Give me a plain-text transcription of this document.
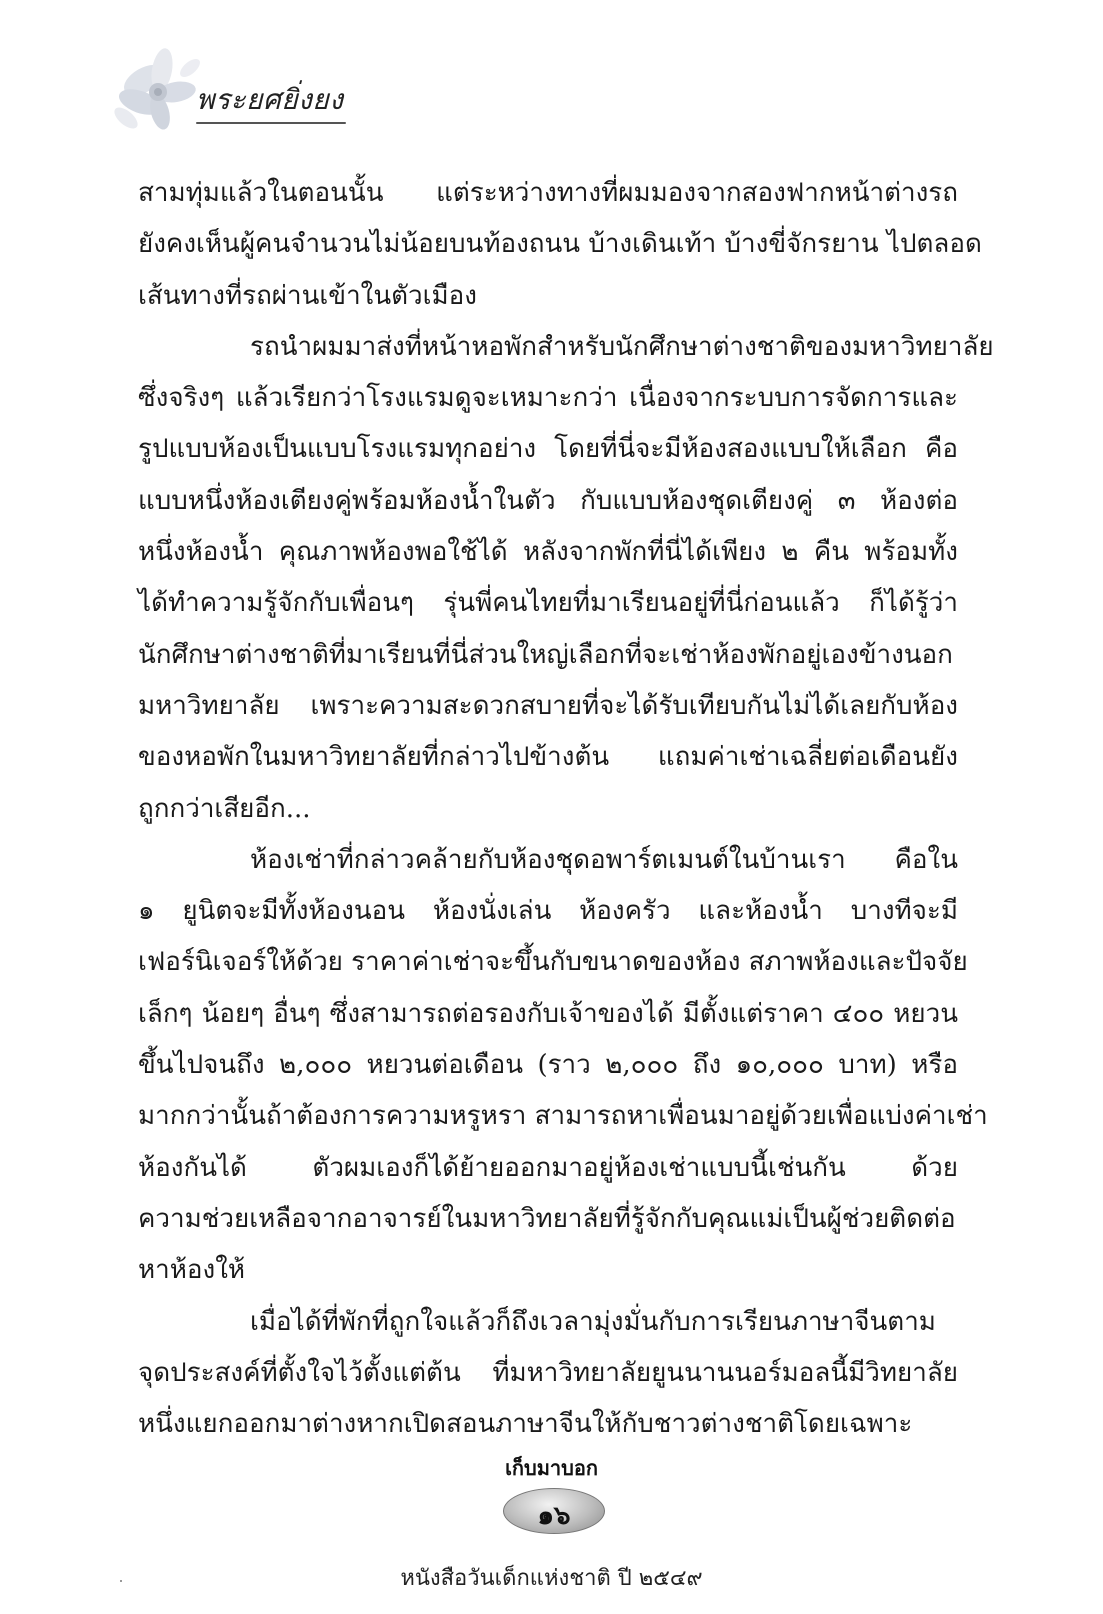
พระยศยิ่งยง
สามทุ่มแล้วในตอนนั้น แต่ระหว่างทางที่ผมมองจากสองฟากหน้าต่างรถ
ยังคงเห็นผู้คนจำนวนไม่น้อยบนท้องถนน บ้างเดินเท้า บ้างขี่จักรยาน ไปตลอด
เส้นทางที่รถผ่านเข้าในตัวเมือง
รถนำผมมาส่งที่หน้าหอพักสำหรับนักศึกษาต่างชาติของมหาวิทยาลัย
ซึ่งจริงๆ แล้วเรียกว่าโรงแรมดูจะเหมาะกว่า เนื่องจากระบบการจัดการและ
รูปแบบห้องเป็นแบบโรงแรมทุกอย่าง โดยที่นี่จะมีห้องสองแบบให้เลือก คือ
แบบหนึ่งห้องเตียงคู่พร้อมห้องน้ำในตัว กับแบบห้องชุดเตียงคู่ ๓ ห้องต่อ
หนึ่งห้องน้ำ คุณภาพห้องพอใช้ได้ หลังจากพักที่นี่ได้เพียง ๒ คืน พร้อมทั้ง
ได้ทำความรู้จักกับเพื่อนๆ รุ่นพี่คนไทยที่มาเรียนอยู่ที่นี่ก่อนแล้ว ก็ได้รู้ว่า
นักศึกษาต่างชาติที่มาเรียนที่นี่ส่วนใหญ่เลือกที่จะเช่าห้องพักอยู่เองข้างนอก
มหาวิทยาลัย เพราะความสะดวกสบายที่จะได้รับเทียบกันไม่ได้เลยกับห้อง
ของหอพักในมหาวิทยาลัยที่กล่าวไปข้างต้น แถมค่าเช่าเฉลี่ยต่อเดือนยัง
ถูกกว่าเสียอีก...
ห้องเช่าที่กล่าวคล้ายกับห้องชุดอพาร์ตเมนต์ในบ้านเรา คือใน
๑ ยูนิตจะมีทั้งห้องนอน ห้องนั่งเล่น ห้องครัว และห้องน้ำ บางทีจะมี
เฟอร์นิเจอร์ให้ด้วย ราคาค่าเช่าจะขึ้นกับขนาดของห้อง สภาพห้องและปัจจัย
เล็กๆ น้อยๆ อื่นๆ ซึ่งสามารถต่อรองกับเจ้าของได้ มีตั้งแต่ราคา ๔๐๐ หยวน
ขึ้นไปจนถึง ๒,๐๐๐ หยวนต่อเดือน (ราว ๒,๐๐๐ ถึง ๑๐,๐๐๐ บาท) หรือ
มากกว่านั้นถ้าต้องการความหรูหรา สามารถหาเพื่อนมาอยู่ด้วยเพื่อแบ่งค่าเช่า
ห้องกันได้ ตัวผมเองก็ได้ย้ายออกมาอยู่ห้องเช่าแบบนี้เช่นกัน ด้วย
ความช่วยเหลือจากอาจารย์ในมหาวิทยาลัยที่รู้จักกับคุณแม่เป็นผู้ช่วยติดต่อ
หาห้องให้
เมื่อได้ที่พักที่ถูกใจแล้วก็ถึงเวลามุ่งมั่นกับการเรียนภาษาจีนตาม
จุดประสงค์ที่ตั้งใจไว้ตั้งแต่ต้น ที่มหาวิทยาลัยยูนนานนอร์มอลนี้มีวิทยาลัย
หนึ่งแยกออกมาต่างหากเปิดสอนภาษาจีนให้กับชาวต่างชาติโดยเฉพาะ
เก็บมาบอก
๑๖
หนังสือวันเด็กแห่งชาติ ปี ๒๕๔๙
